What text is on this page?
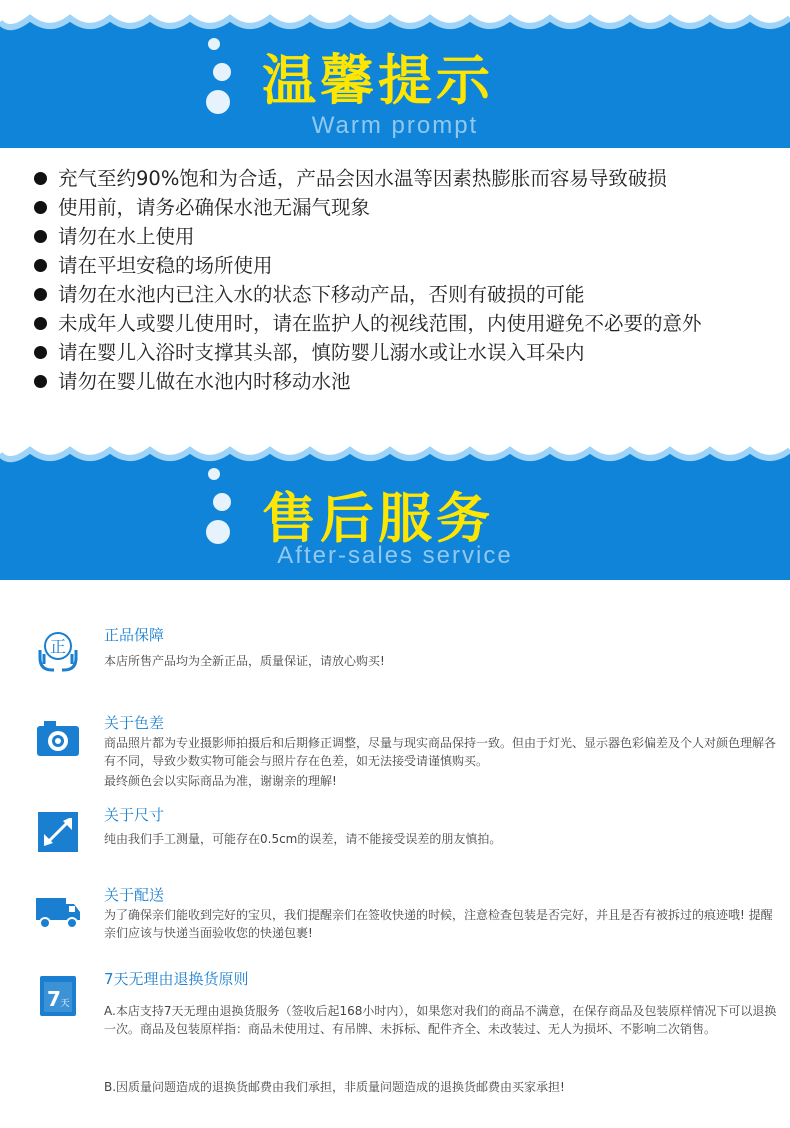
温馨提示
Warm prompt
充气至约90%饱和为合适，产品会因水温等因素热膨胀而容易导致破损
使用前，请务必确保水池无漏气现象
请勿在水上使用
请在平坦安稳的场所使用
请勿在水池内已注入水的状态下移动产品，否则有破损的可能
未成年人或婴儿使用时，请在监护人的视线范围，内使用避免不必要的意外
请在婴儿入浴时支撑其头部，慎防婴儿溺水或让水误入耳朵内
请勿在婴儿做在水池内时移动水池
售后服务
After-sales service
正
正品保障
本店所售产品均为全新正品，质量保证，请放心购买!
关于色差
商品照片都为专业摄影师拍摄后和后期修正调整，尽量与现实商品保持一致。但由于灯光、显示器色彩偏差及个人对颜色理解各有不同，导致少数实物可能会与照片存在色差，如无法接受请谨慎购买。
最终颜色会以实际商品为准，谢谢亲的理解!
关于尺寸
纯由我们手工测量，可能存在0.5cm的误差，请不能接受误差的朋友慎拍。
关于配送
为了确保亲们能收到完好的宝贝，我们提醒亲们在签收快递的时候，注意检查包装是否完好，并且是否有被拆过的痕迹哦! 提醒亲们应该与快递当面验收您的快递包裹!
7 天
7天无理由退换货原则
A.本店支持7天无理由退换货服务（签收后起168小时内），如果您对我们的商品不满意，在保存商品及包装原样情况下可以退换一次。商品及包装原样指：商品未使用过、有吊牌、未拆标、配件齐全、未改装过、无人为损坏、不影响二次销售。
B.因质量问题造成的退换货邮费由我们承担，非质量问题造成的退换货邮费由买家承担!
